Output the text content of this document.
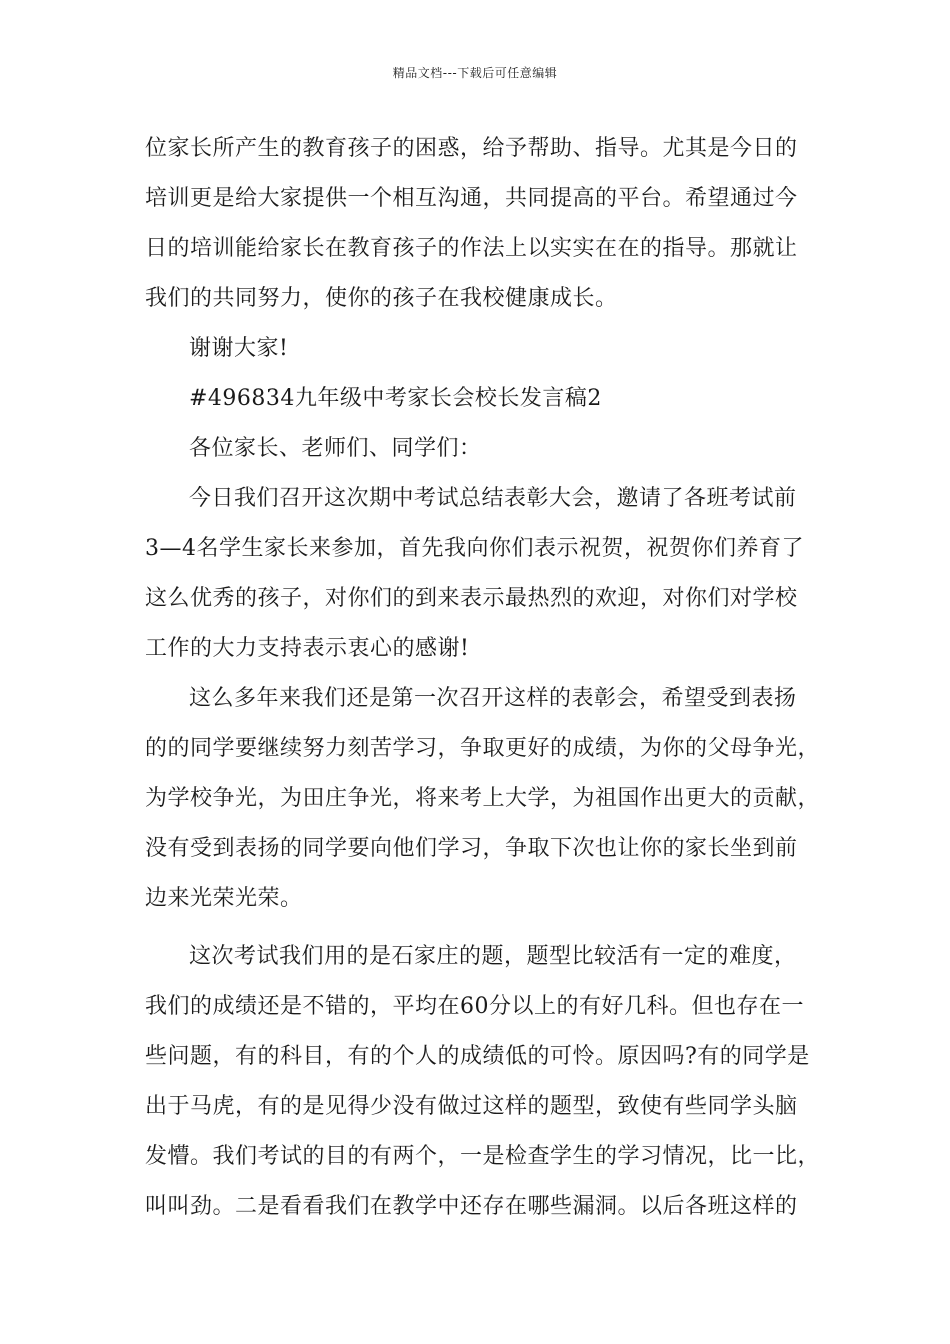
精品文档---下载后可任意编辑
位家长所产生的教育孩子的困惑，给予帮助、指导。尤其是今日的
培训更是给大家提供一个相互沟通，共同提高的平台。希望通过今
日的培训能给家长在教育孩子的作法上以实实在在的指导。那就让
我们的共同努力，使你的孩子在我校健康成长。
谢谢大家!
#496834九年级中考家长会校长发言稿2
各位家长、老师们、同学们：
今日我们召开这次期中考试总结表彰大会，邀请了各班考试前
3—4名学生家长来参加，首先我向你们表示祝贺，祝贺你们养育了
这么优秀的孩子，对你们的到来表示最热烈的欢迎，对你们对学校
工作的大力支持表示衷心的感谢!
这么多年来我们还是第一次召开这样的表彰会，希望受到表扬
的的同学要继续努力刻苦学习，争取更好的成绩，为你的父母争光，
为学校争光，为田庄争光，将来考上大学，为祖国作出更大的贡献，
没有受到表扬的同学要向他们学习，争取下次也让你的家长坐到前
边来光荣光荣。
这次考试我们用的是石家庄的题，题型比较活有一定的难度，
我们的成绩还是不错的，平均在60分以上的有好几科。但也存在一
些问题，有的科目，有的个人的成绩低的可怜。原因吗?有的同学是
出于马虎，有的是见得少没有做过这样的题型，致使有些同学头脑
发懵。我们考试的目的有两个，一是检查学生的学习情况，比一比，
叫叫劲。二是看看我们在教学中还存在哪些漏洞。以后各班这样的
